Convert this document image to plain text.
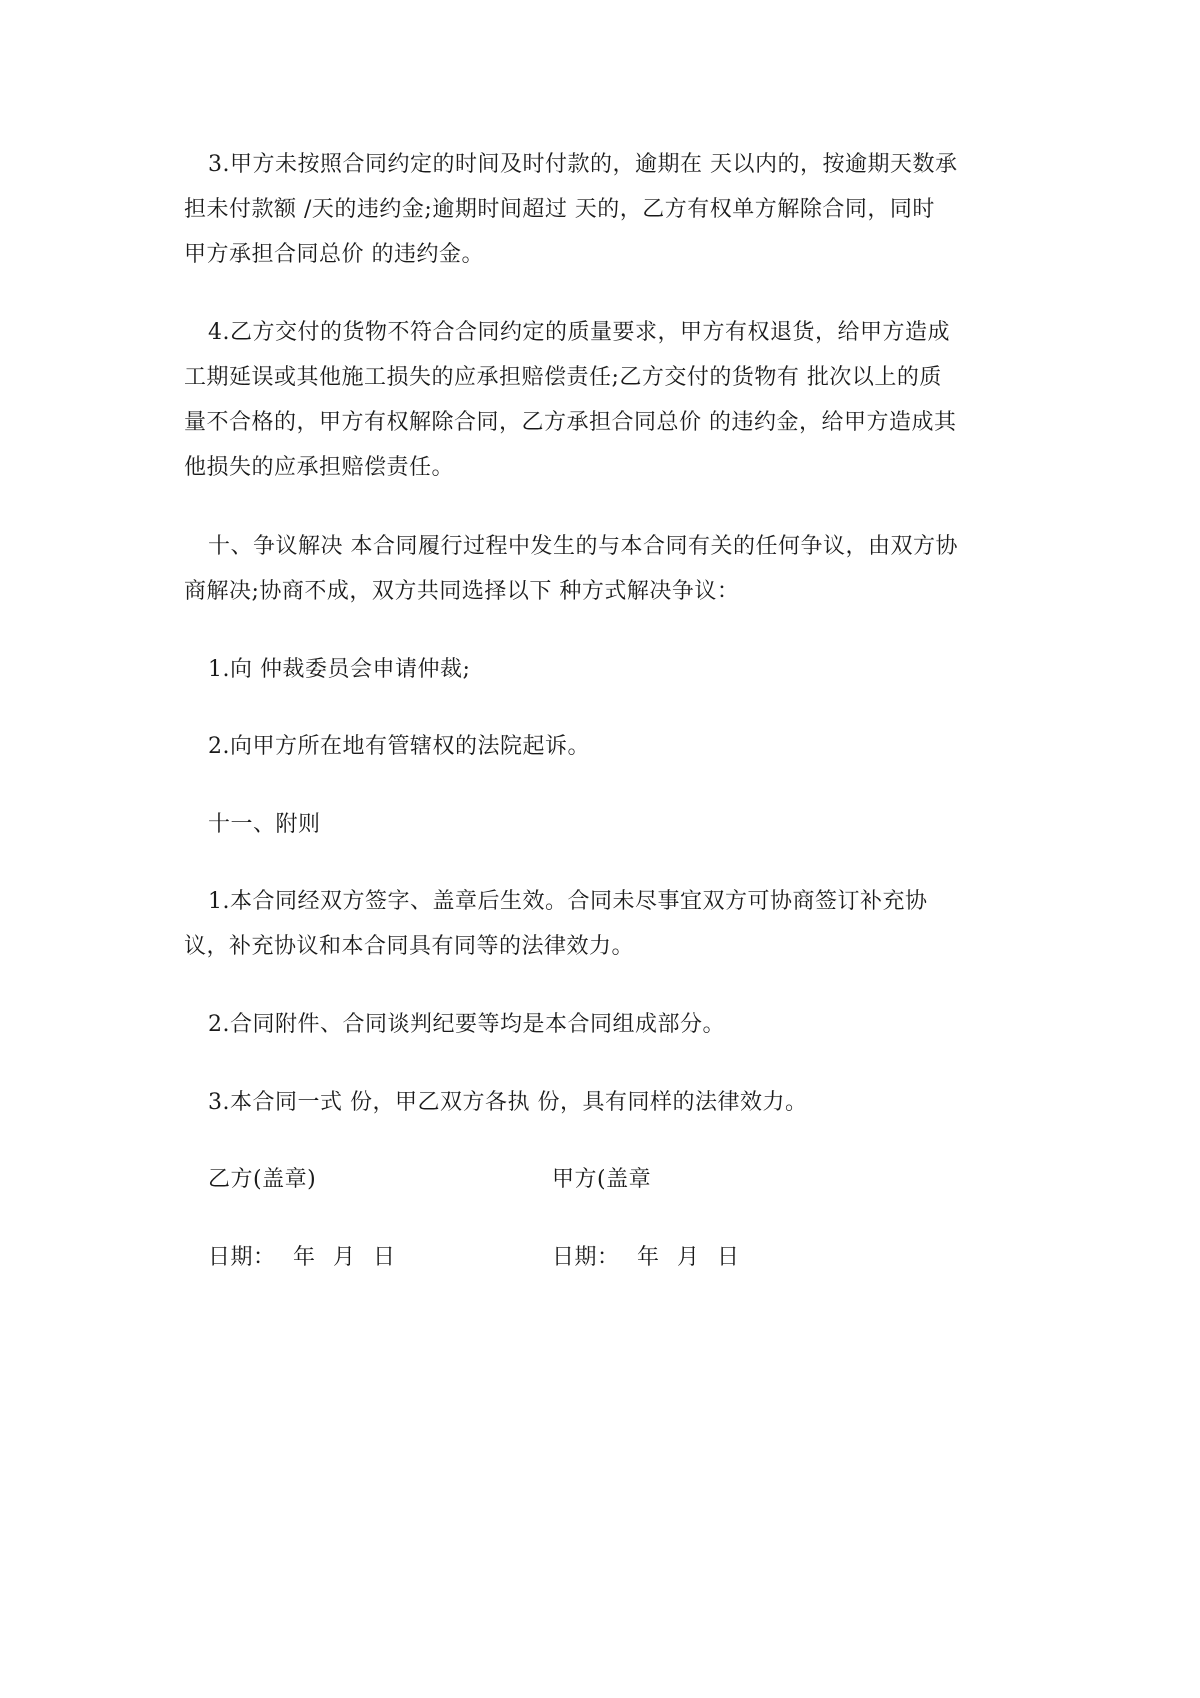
3.甲方未按照合同约定的时间及时付款的，逾期在 天以内的，按逾期天数承
担未付款额 /天的违约金;逾期时间超过 天的，乙方有权单方解除合同，同时
甲方承担合同总价 的违约金。
4.乙方交付的货物不符合合同约定的质量要求，甲方有权退货，给甲方造成
工期延误或其他施工损失的应承担赔偿责任;乙方交付的货物有 批次以上的质
量不合格的，甲方有权解除合同，乙方承担合同总价 的违约金，给甲方造成其
他损失的应承担赔偿责任。
十、争议解决 本合同履行过程中发生的与本合同有关的任何争议，由双方协
商解决;协商不成，双方共同选择以下 种方式解决争议：
1.向 仲裁委员会申请仲裁;
2.向甲方所在地有管辖权的法院起诉。
十一、附则
1.本合同经双方签字、盖章后生效。合同未尽事宜双方可协商签订补充协
议，补充协议和本合同具有同等的法律效力。
2.合同附件、合同谈判纪要等均是本合同组成部分。
3.本合同一式 份，甲乙双方各执 份，具有同样的法律效力。
乙方(盖章)	甲方(盖章
日期： 年 月 日	日期： 年 月 日
